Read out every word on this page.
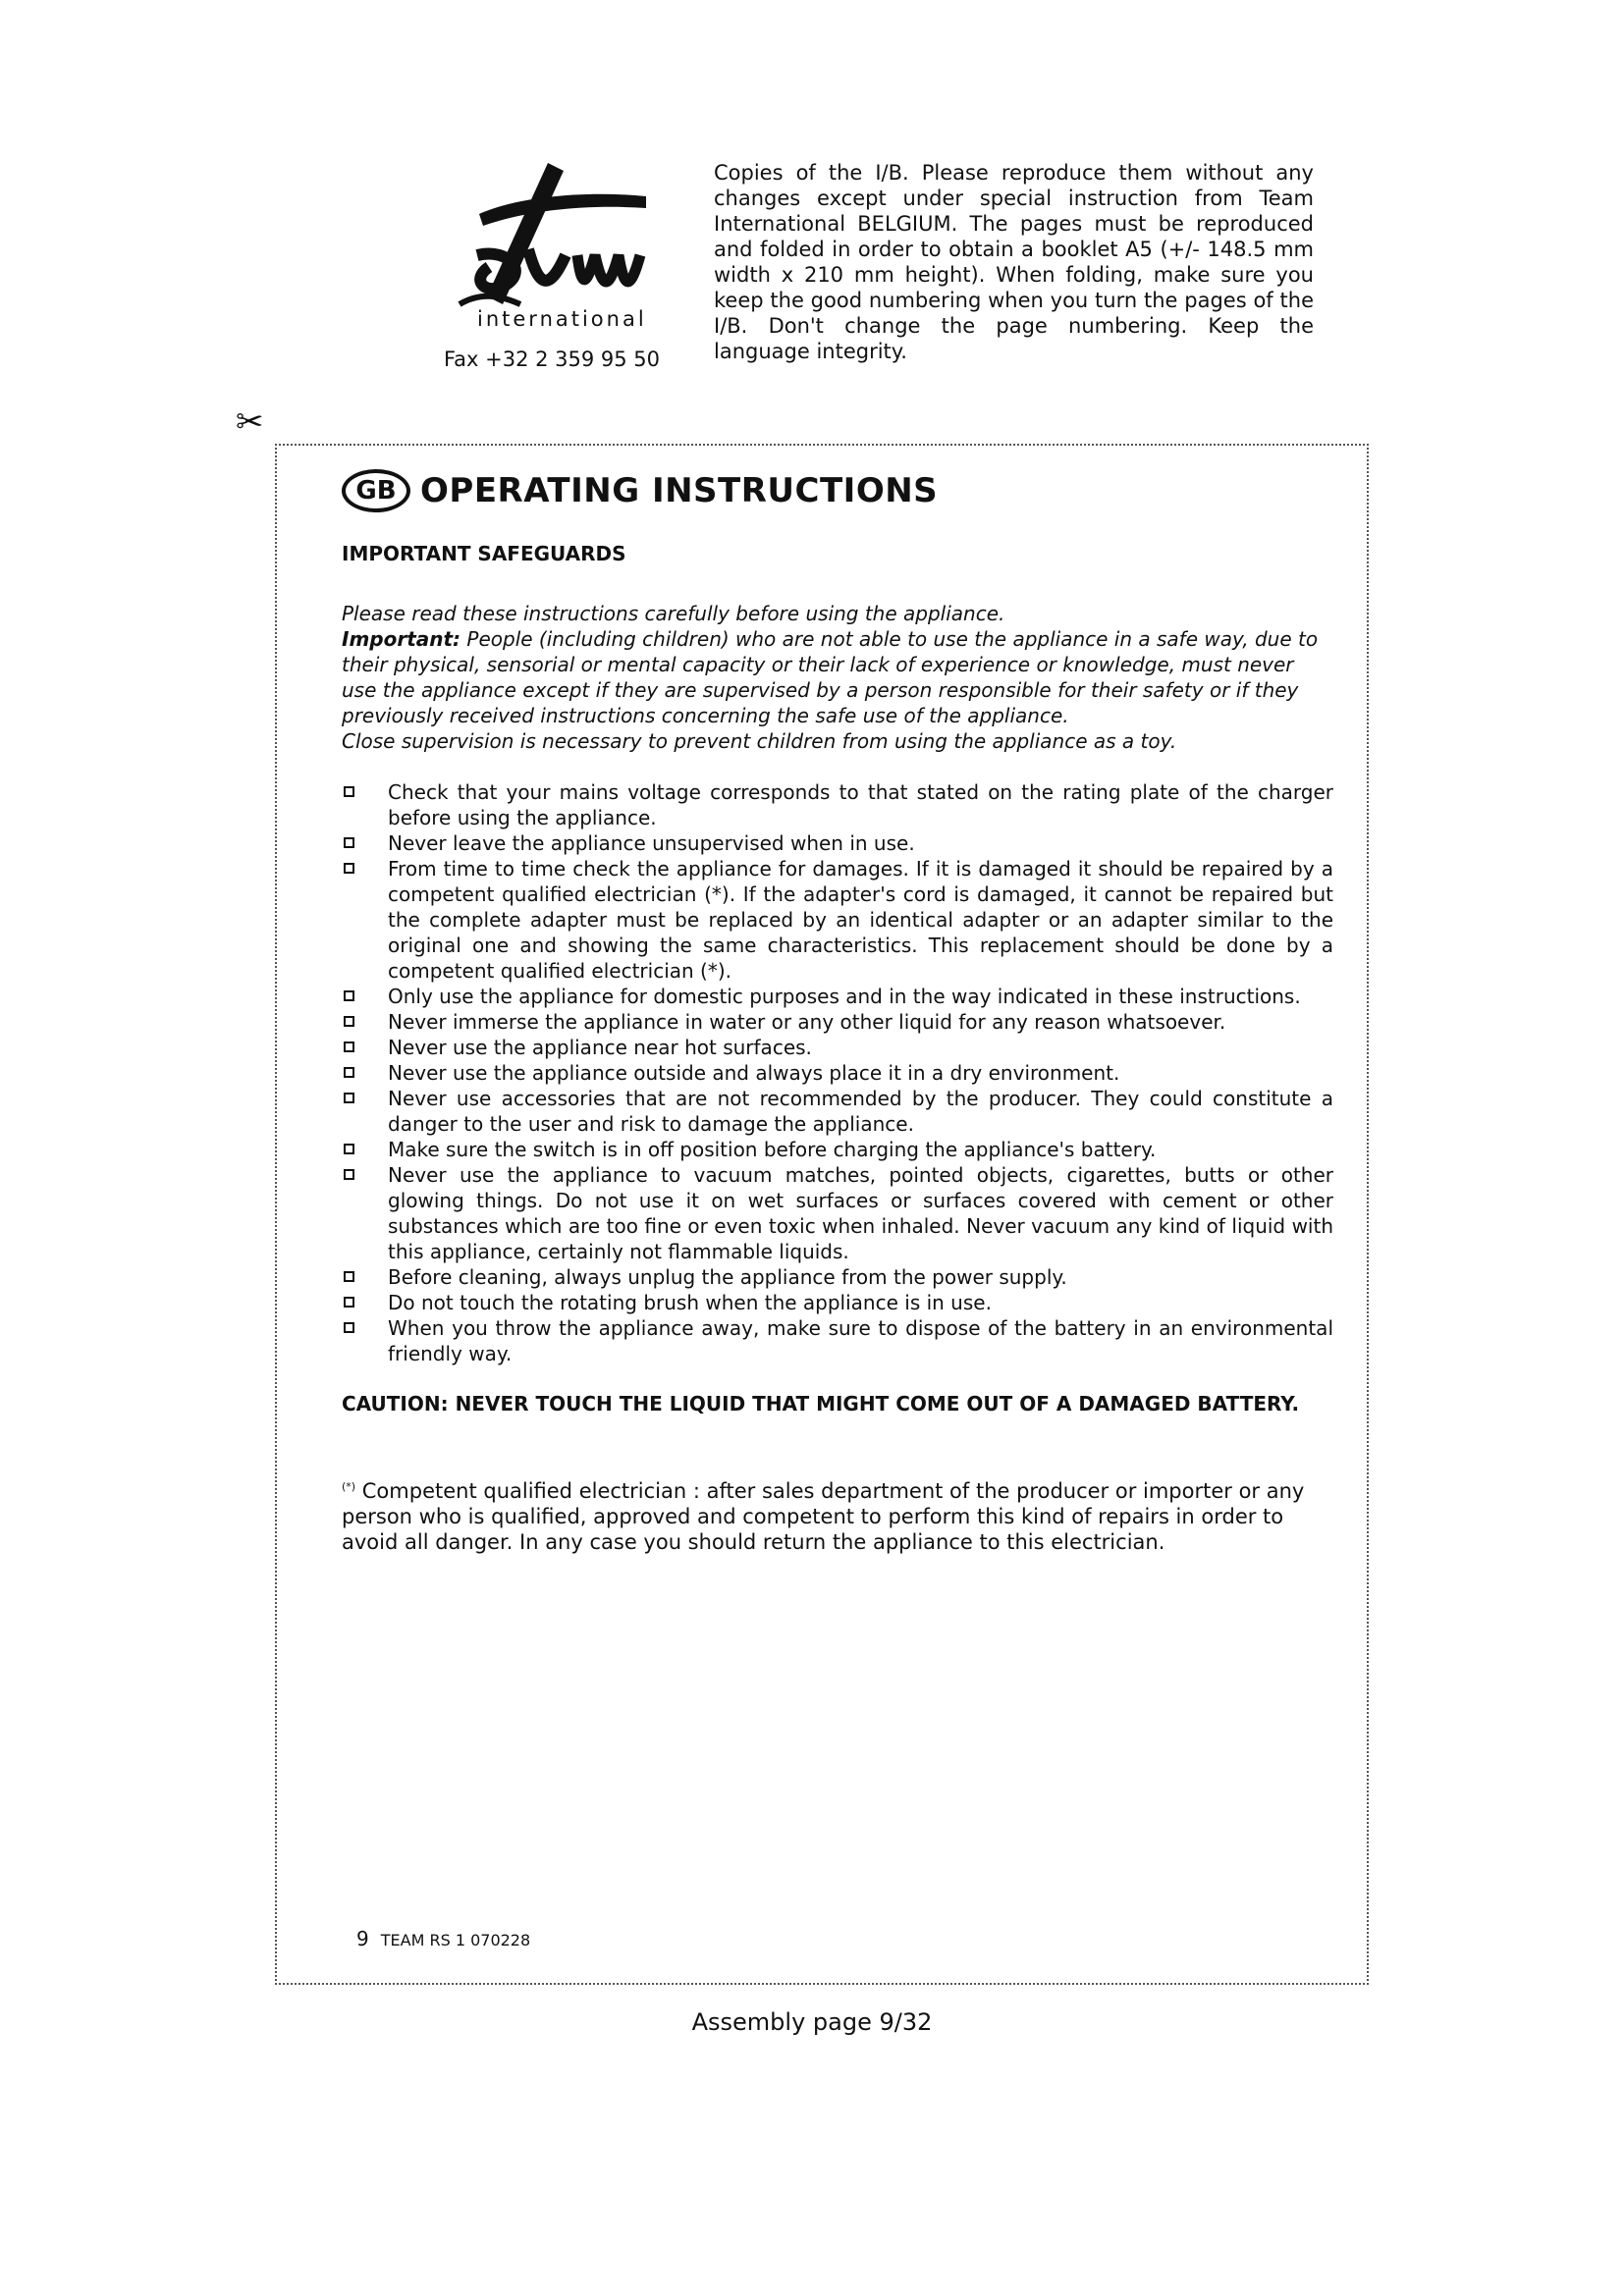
international
Fax +32 2 359 95 50
Copies of the I/B. Please reproduce them without any changes except under special instruction from Team International BELGIUM. The pages must be reproduced and folded in order to obtain a booklet A5 (+/- 148.5 mm width x 210 mm height). When folding, make sure you keep the good numbering when you turn the pages of the I/B. Don't change the page numbering. Keep the language integrity.
✂
GB OPERATING INSTRUCTIONS
IMPORTANT SAFEGUARDS

Please read these instructions carefully before using the appliance.

Important: People (including children) who are not able to use the appliance in a safe way, due to their physical, sensorial or mental capacity or their lack of experience or knowledge, must never use the appliance except if they are supervised by a person responsible for their safety or if they previously received instructions concerning the safe use of the appliance.

Close supervision is necessary to prevent children from using the appliance as a toy.

Check that your mains voltage corresponds to that stated on the rating plate of the charger before using the appliance.
Never leave the appliance unsupervised when in use.
From time to time check the appliance for damages. If it is damaged it should be repaired by a competent qualified electrician (*). If the adapter's cord is damaged, it cannot be repaired but the complete adapter must be replaced by an identical adapter or an adapter similar to the original one and showing the same characteristics. This replacement should be done by a competent qualified electrician (*).
Only use the appliance for domestic purposes and in the way indicated in these instructions.
Never immerse the appliance in water or any other liquid for any reason whatsoever.
Never use the appliance near hot surfaces.
Never use the appliance outside and always place it in a dry environment.
Never use accessories that are not recommended by the producer. They could constitute a danger to the user and risk to damage the appliance.
Make sure the switch is in off position before charging the appliance's battery.
Never use the appliance to vacuum matches, pointed objects, cigarettes, butts or other glowing things. Do not use it on wet surfaces or surfaces covered with cement or other substances which are too fine or even toxic when inhaled. Never vacuum any kind of liquid with this appliance, certainly not flammable liquids.
Before cleaning, always unplug the appliance from the power supply.
Do not touch the rotating brush when the appliance is in use.
When you throw the appliance away, make sure to dispose of the battery in an environmental friendly way.
CAUTION: NEVER TOUCH THE LIQUID THAT MIGHT COME OUT OF A DAMAGED BATTERY.

(*) Competent qualified electrician : after sales department of the producer or importer or any person who is qualified, approved and competent to perform this kind of repairs in order to avoid all danger. In any case you should return the appliance to this electrician.

9 TEAM RS 1 070228
Assembly page 9/32
